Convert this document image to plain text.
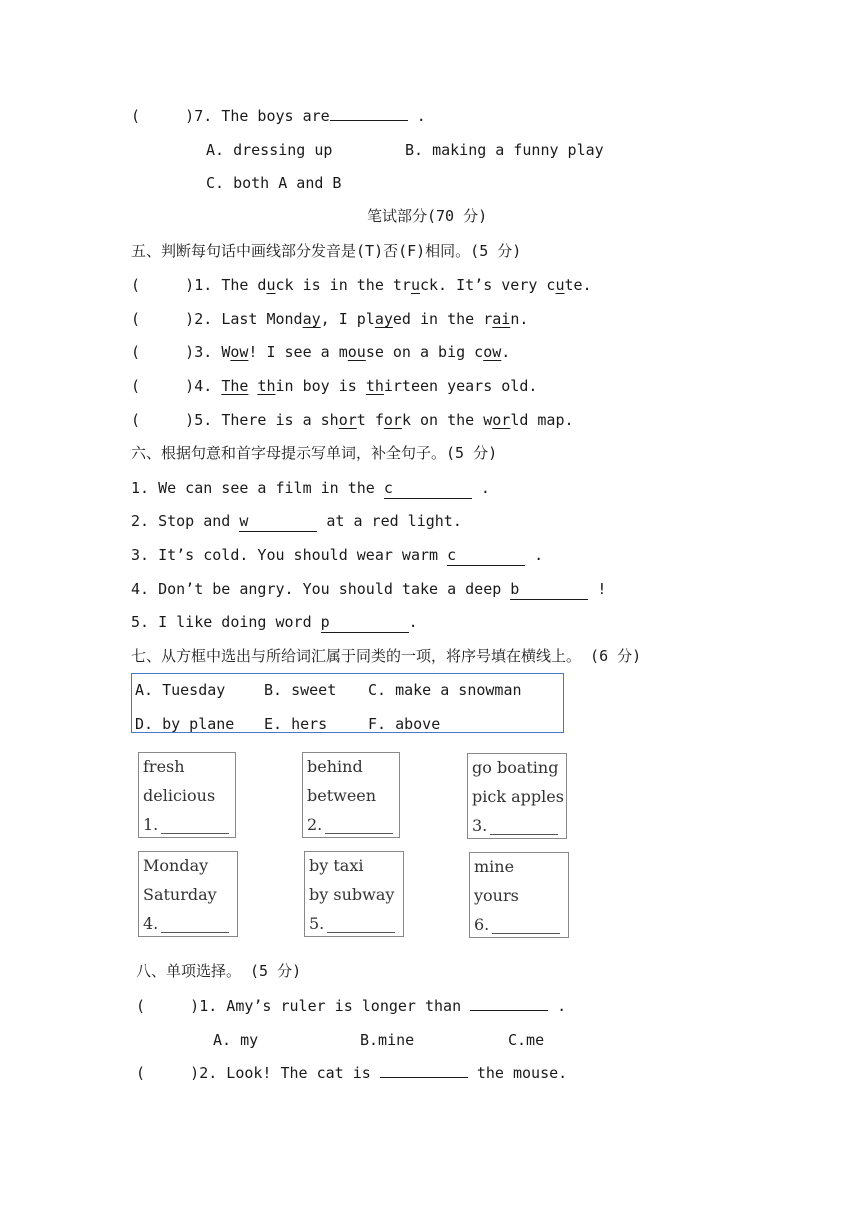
(     )7. The boys are	.
A. dressing up	B. making a funny play
C. both A and B
笔试部分(70 分)
五、判断每句话中画线部分发音是(T)否(F)相同。(5 分)
(     )1. The duck is in the truck. It’s very cute.
(     )2. Last Monday, I played in the rain.
(     )3. Wow! I see a mouse on a big cow.
(     )4. The thin boy is thirteen years old.
(     )5. There is a short fork on the world map.
六、根据句意和首字母提示写单词，补全句子。(5 分)
1. We can see a film in the c	.
2. Stop and w	at a red light.
3. It’s cold. You should wear warm c	.
4. Don’t be angry. You should take a deep b	!
5. I like doing word p	.
七、从方框中选出与所给词汇属于同类的一项，将序号填在横线上。 (6 分)
A. Tuesday	B. sweet C. make a snowman
D. by plane E. hers	F. above
fresh
delicious
1.
behind
between
2.
go boating
pick apples
3.
Monday
Saturday
4.
by taxi
by subway
5.
mine
yours
6.
八、单项选择。 (5 分)
(     )1. Amy’s ruler is longer than	.
A. my	B.mine	C.me
(     )2. Look! The cat is	the mouse.
